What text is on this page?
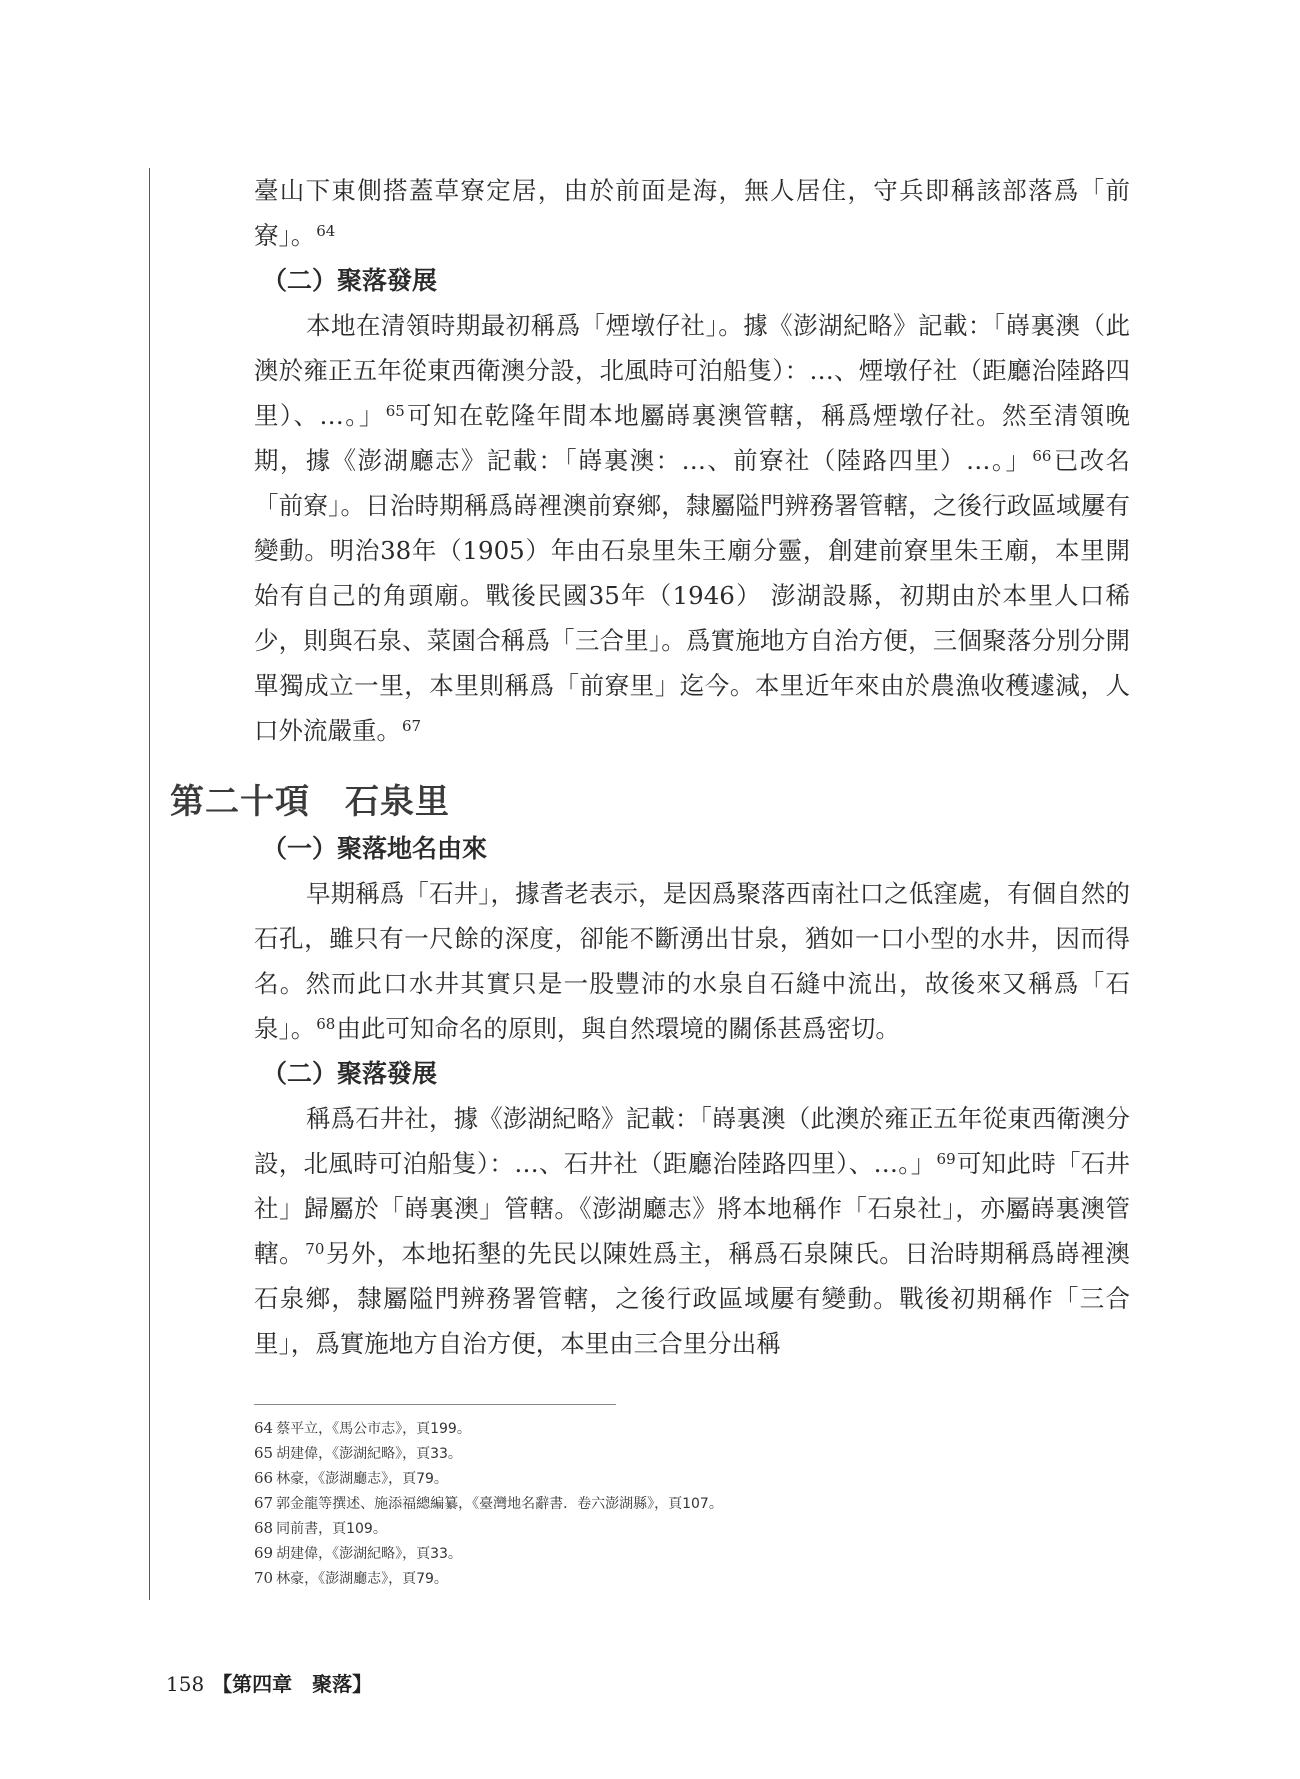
臺山下東側搭蓋草寮定居，由於前面是海，無人居住，守兵即稱該部落爲「前寮」。$^{64}$

（二）聚落發展

本地在清領時期最初稱爲「煙墩仔社」。據《澎湖紀略》記載：「嵵裏澳（此澳於雍正五年從東西衛澳分設，北風時可泊船隻）：…、煙墩仔社（距廳治陸路四里）、…。」$^{65}$可知在乾隆年間本地屬嵵裏澳管轄，稱爲煙墩仔社。然至清領晚期，據《澎湖廳志》記載：「嵵裏澳：…、前寮社（陸路四里）…。」$^{66}$已改名「前寮」。日治時期稱爲嵵裡澳前寮鄉，隸屬隘門辨務署管轄，之後行政區域屢有變動。明治38年（1905）年由石泉里朱王廟分靈，創建前寮里朱王廟，本里開始有自己的角頭廟。戰後民國35年（1946） 澎湖設縣，初期由於本里人口稀少，則與石泉、菜園合稱爲「三合里」。爲實施地方自治方便，三個聚落分別分開單獨成立一里，本里則稱爲「前寮里」迄今。本里近年來由於農漁收穫遽減，人口外流嚴重。$^{67}$

第二十項　石泉里

（一）聚落地名由來

早期稱爲「石井」，據耆老表示，是因爲聚落西南社口之低窪處，有個自然的石孔，雖只有一尺餘的深度，卻能不斷湧出甘泉，猶如一口小型的水井，因而得名。然而此口水井其實只是一股豐沛的水泉自石縫中流出，故後來又稱爲「石泉」。$^{68}$由此可知命名的原則，與自然環境的關係甚爲密切。

（二）聚落發展

稱爲石井社，據《澎湖紀略》記載：「嵵裏澳（此澳於雍正五年從東西衛澳分設，北風時可泊船隻）：…、石井社（距廳治陸路四里）、…。」$^{69}$可知此時「石井社」歸屬於「嵵裏澳」管轄。《澎湖廳志》將本地稱作「石泉社」，亦屬嵵裏澳管轄。$^{70}$另外，本地拓墾的先民以陳姓爲主，稱爲石泉陳氏。日治時期稱爲嵵裡澳石泉鄉，隸屬隘門辨務署管轄，之後行政區域屢有變動。戰後初期稱作「三合里」，爲實施地方自治方便，本里由三合里分出稱

64 蔡平立，《馬公市志》，頁199。

65 胡建偉，《澎湖紀略》，頁33。

66 林豪，《澎湖廳志》，頁79。

67 郭金龍等撰述、施添福總編纂，《臺灣地名辭書．卷六澎湖縣》，頁107。

68 同前書，頁109。

69 胡建偉，《澎湖紀略》，頁33。

70 林豪，《澎湖廳志》，頁79。

158 【第四章　聚落】
